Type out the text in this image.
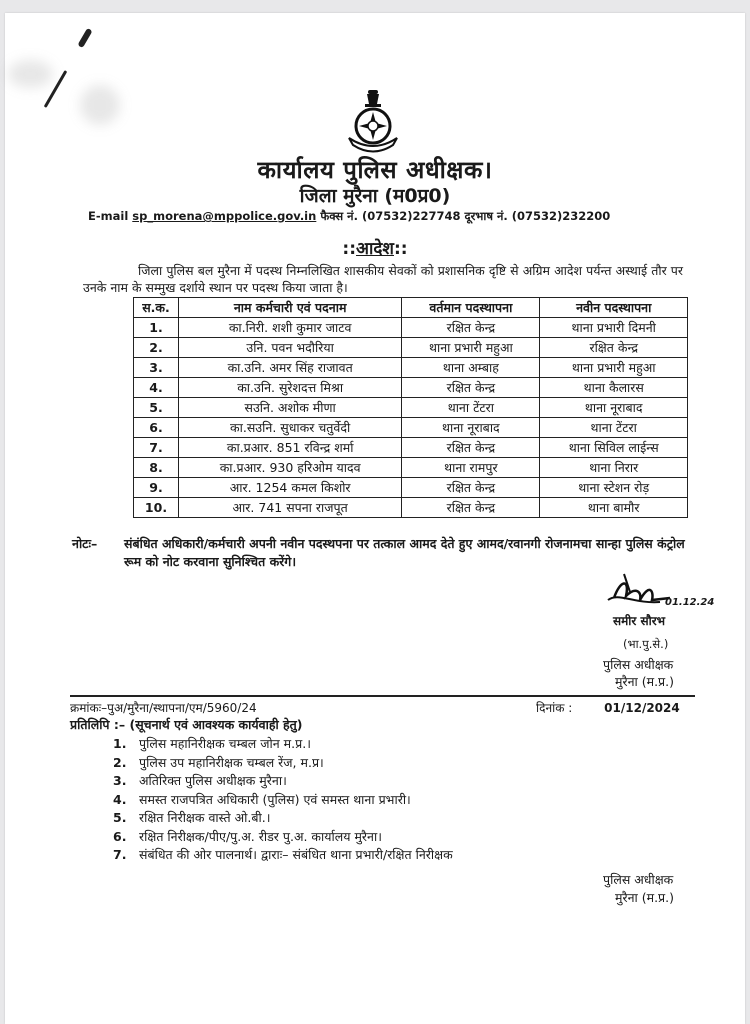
कार्यालय पुलिस अधीक्षक।
जिला मुरैना (म0प्र0)
E-mail sp_morena@mppolice.gov.in फैक्स नं. (07532)227748 दूरभाष नं. (07532)232200
::आदेश::
जिला पुलिस बल मुरैना में पदस्थ निम्नलिखित शासकीय सेवकों को प्रशासनिक दृष्टि से अग्रिम आदेश पर्यन्त अस्थाई तौर पर उनके नाम के सम्मुख दर्शाये स्थान पर पदस्थ किया जाता है।
स.क.	नाम कर्मचारी एवं पदनाम	वर्तमान पदस्थापना	नवीन पदस्थापना
1.	का.निरी. शशी कुमार जाटव	रक्षित केन्द्र	थाना प्रभारी दिमनी
2.	उनि. पवन भदौरिया	थाना प्रभारी महुआ	रक्षित केन्द्र
3.	का.उनि. अमर सिंह राजावत	थाना अम्बाह	थाना प्रभारी महुआ
4.	का.उनि. सुरेशदत्त मिश्रा	रक्षित केन्द्र	थाना कैलारस
5.	सउनि. अशोक मीणा	थाना टेंटरा	थाना नूराबाद
6.	का.सउनि. सुधाकर चतुर्वेदी	थाना नूराबाद	थाना टेंटरा
7.	का.प्रआर. 851 रविन्द्र शर्मा	रक्षित केन्द्र	थाना सिविल लाईन्स
8.	का.प्रआर. 930 हरिओम यादव	थाना रामपुर	थाना निरार
9.	आर. 1254 कमल किशोर	रक्षित केन्द्र	थाना स्टेशन रोड़
10.	आर. 741 सपना राजपूत	रक्षित केन्द्र	थाना बामौर
नोटः– संबंधित अधिकारी/कर्मचारी अपनी नवीन पदस्थपना पर तत्काल आमद देते हुए आमद/रवानगी रोजनामचा सान्हा पुलिस कंट्रोल रूम को नोट करवाना सुनिश्चित करेंगे।
01.12.24
समीर सौरभ
(भा.पु.से.)
पुलिस अधीक्षक
मुरैना (म.प्र.)
क्रमांकः–पुअ/मुरैना/स्थापना/एम/5960/24	दिनांक :	01/12/2024
प्रतिलिपि :– (सूचनार्थ एवं आवश्यक कार्यवाही हेतु)
1. पुलिस महानिरीक्षक चम्बल जोन म.प्र.।
2. पुलिस उप महानिरीक्षक चम्बल रेंज, म.प्र।
3. अतिरिक्त पुलिस अधीक्षक मुरैना।
4. समस्त राजपत्रित अधिकारी (पुलिस) एवं समस्त थाना प्रभारी।
5. रक्षित निरीक्षक वास्ते ओ.बी.।
6. रक्षित निरीक्षक/पीए/पु.अ. रीडर पु.अ. कार्यालय मुरैना।
7. संबंधित की ओर पालनार्थ। द्वाराः– संबंधित थाना प्रभारी/रक्षित निरीक्षक
पुलिस अधीक्षक
मुरैना (म.प्र.)
